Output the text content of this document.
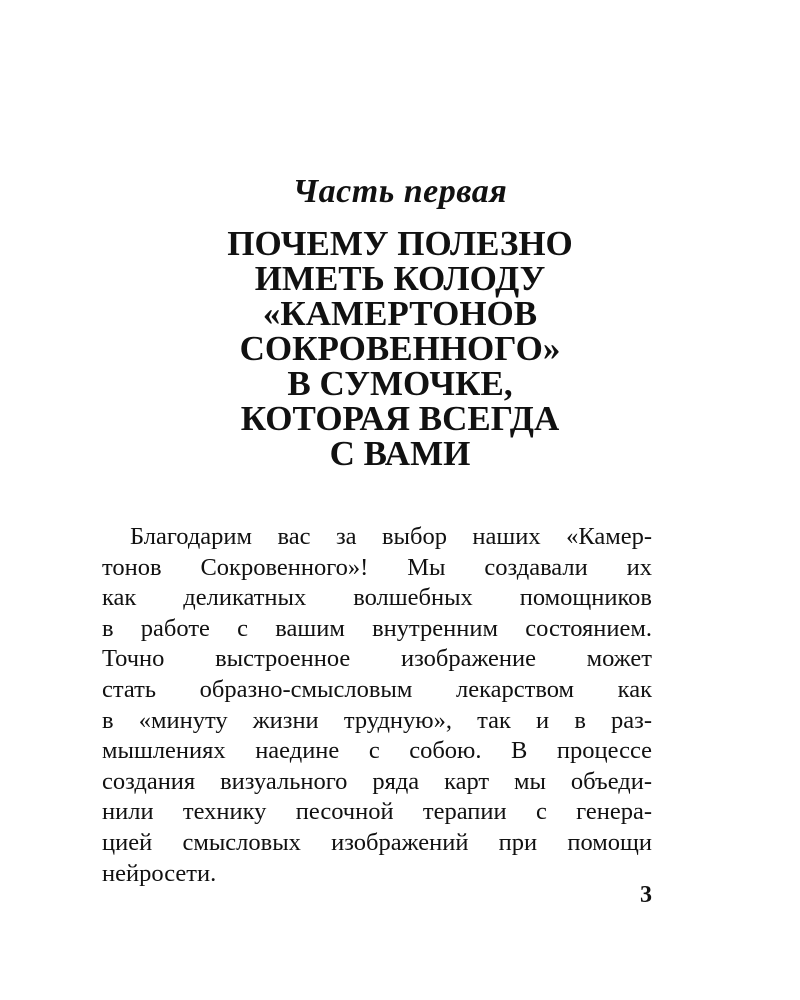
Часть первая
ПОЧЕМУ ПОЛЕЗНО
ИМЕТЬ КОЛОДУ
«КАМЕРТОНОВ
СОКРОВЕННОГО»
В СУМОЧКЕ,
КОТОРАЯ ВСЕГДА
С ВАМИ
Благодарим вас за выбор наших «Камер-
тонов Сокровенного»! Мы создавали их
как деликатных волшебных помощников
в работе с вашим внутренним состоянием.
Точно выстроенное изображение может
стать образно-смысловым лекарством как
в «минуту жизни трудную», так и в раз-
мышлениях наедине с собою. В процессе
создания визуального ряда карт мы объеди-
нили технику песочной терапии с генера-
цией смысловых изображений при помощи
нейросети.
3
